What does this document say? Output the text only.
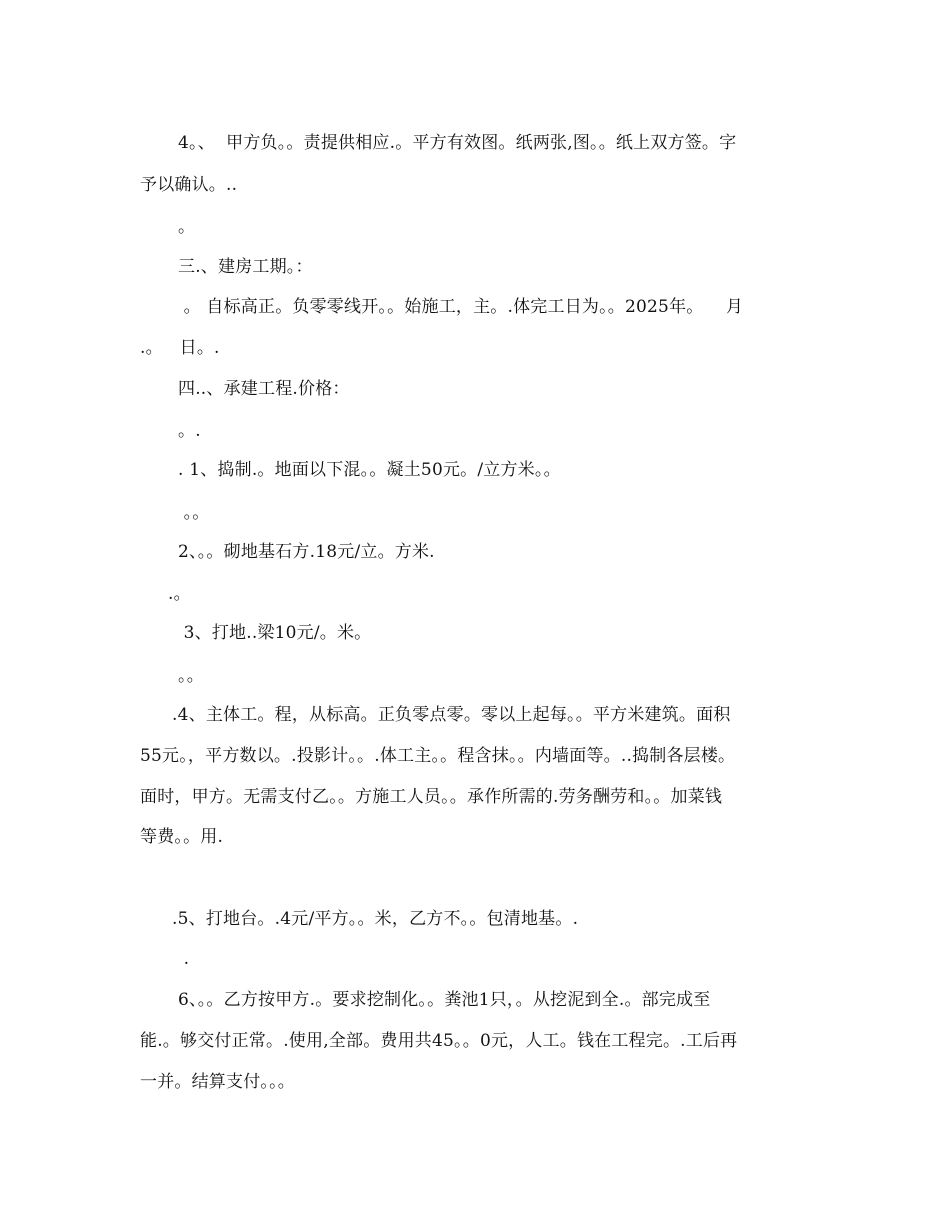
4。、  甲方负。。责提供相应.。平方有效图。纸两张,图。。纸上双方签。字
予以确认。..
。
三.、建房工期。：
。 自标高正。负零零线开。。始施工，主。.体完工日为。。2025年。    月
.。   日。.
四..、承建工程.价格：
。.
. 1、捣制.。地面以下混。。凝土50元。/立方米。。
。。
2、。。砌地基石方.18元/立。方米.
.。
3、打地..梁10元/。米。
。。
.4、主体工。程，从标高。正负零点零。零以上起每。。平方米建筑。面积
55元。，平方数以。.投影计。。.体工主。。程含抹。。内墙面等。..捣制各层楼。
面时，甲方。无需支付乙。。方施工人员。。承作所需的.劳务酬劳和。。加菜钱
等费。。用.
.5、打地台。.4元/平方。。米，乙方不。。包清地基。.
.
6、。。乙方按甲方.。要求挖制化。。粪池1只，。从挖泥到全.。部完成至
能.。够交付正常。.使用,全部。费用共45。。0元，人工。钱在工程完。.工后再
一并。结算支付。。。
